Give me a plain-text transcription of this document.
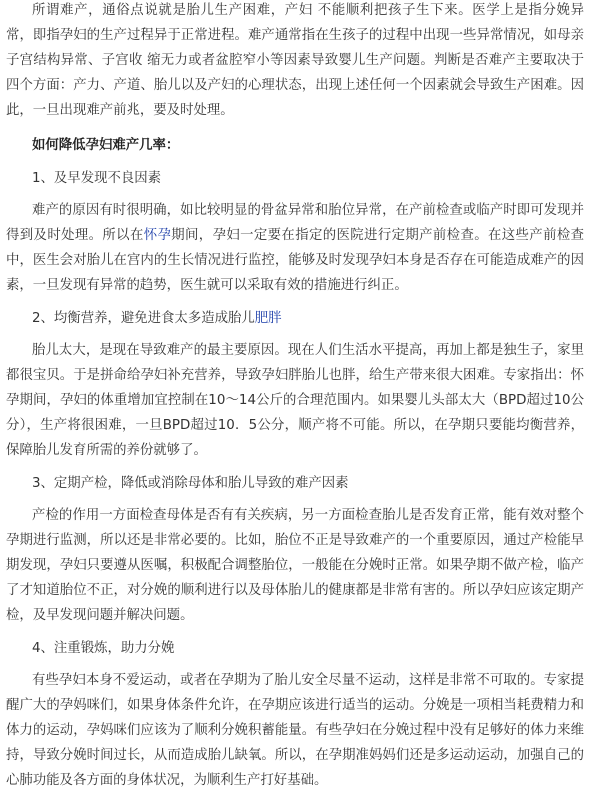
所谓难产，通俗点说就是胎儿生产困难，产妇 不能顺利把孩子生下来。医学上是指分娩异常，即指孕妇的生产过程异于正常进程。难产通常指在生孩子的过程中出现一些异常情况，如母亲子宫结构异常、子宫收 缩无力或者盆腔窄小等因素导致婴儿生产问题。判断是否难产主要取决于四个方面：产力、产道、胎儿以及产妇的心理状态，出现上述任何一个因素就会导致生产困难。因此，一旦出现难产前兆，要及时处理。

如何降低孕妇难产几率：

1、及早发现不良因素

难产的原因有时很明确，如比较明显的骨盆异常和胎位异常，在产前检查或临产时即可发现并得到及时处理。所以在怀孕期间，孕妇一定要在指定的医院进行定期产前检查。在这些产前检查中，医生会对胎儿在宫内的生长情况进行监控，能够及时发现孕妇本身是否存在可能造成难产的因素，一旦发现有异常的趋势，医生就可以采取有效的措施进行纠正。

2、均衡营养，避免进食太多造成胎儿肥胖

胎儿太大，是现在导致难产的最主要原因。现在人们生活水平提高，再加上都是独生子，家里都很宝贝。于是拼命给孕妇补充营养，导致孕妇胖胎儿也胖，给生产带来很大困难。专家指出：怀孕期间，孕妇的体重增加宜控制在10～14公斤的合理范围内。如果婴儿头部太大（BPD超过10公分），生产将很困难，一旦BPD超过10．5公分，顺产将不可能。所以，在孕期只要能均衡营养，保障胎儿发育所需的养份就够了。

3、定期产检，降低或消除母体和胎儿导致的难产因素

产检的作用一方面检查母体是否有有关疾病，另一方面检查胎儿是否发育正常，能有效对整个孕期进行监测，所以还是非常必要的。比如，胎位不正是导致难产的一个重要原因，通过产检能早期发现，孕妇只要遵从医嘱，积极配合调整胎位，一般能在分娩时正常。如果孕期不做产检，临产了才知道胎位不正，对分娩的顺利进行以及母体胎儿的健康都是非常有害的。所以孕妇应该定期产检，及早发现问题并解决问题。

4、注重锻炼，助力分娩

有些孕妇本身不爱运动，或者在孕期为了胎儿安全尽量不运动，这样是非常不可取的。专家提醒广大的孕妈咪们，如果身体条件允许，在孕期应该进行适当的运动。分娩是一项相当耗费精力和体力的运动，孕妈咪们应该为了顺利分娩积蓄能量。有些孕妇在分娩过程中没有足够好的体力来维持，导致分娩时间过长，从而造成胎儿缺氧。所以，在孕期准妈妈们还是多运动运动，加强自己的心肺功能及各方面的身体状况，为顺利生产打好基础。
